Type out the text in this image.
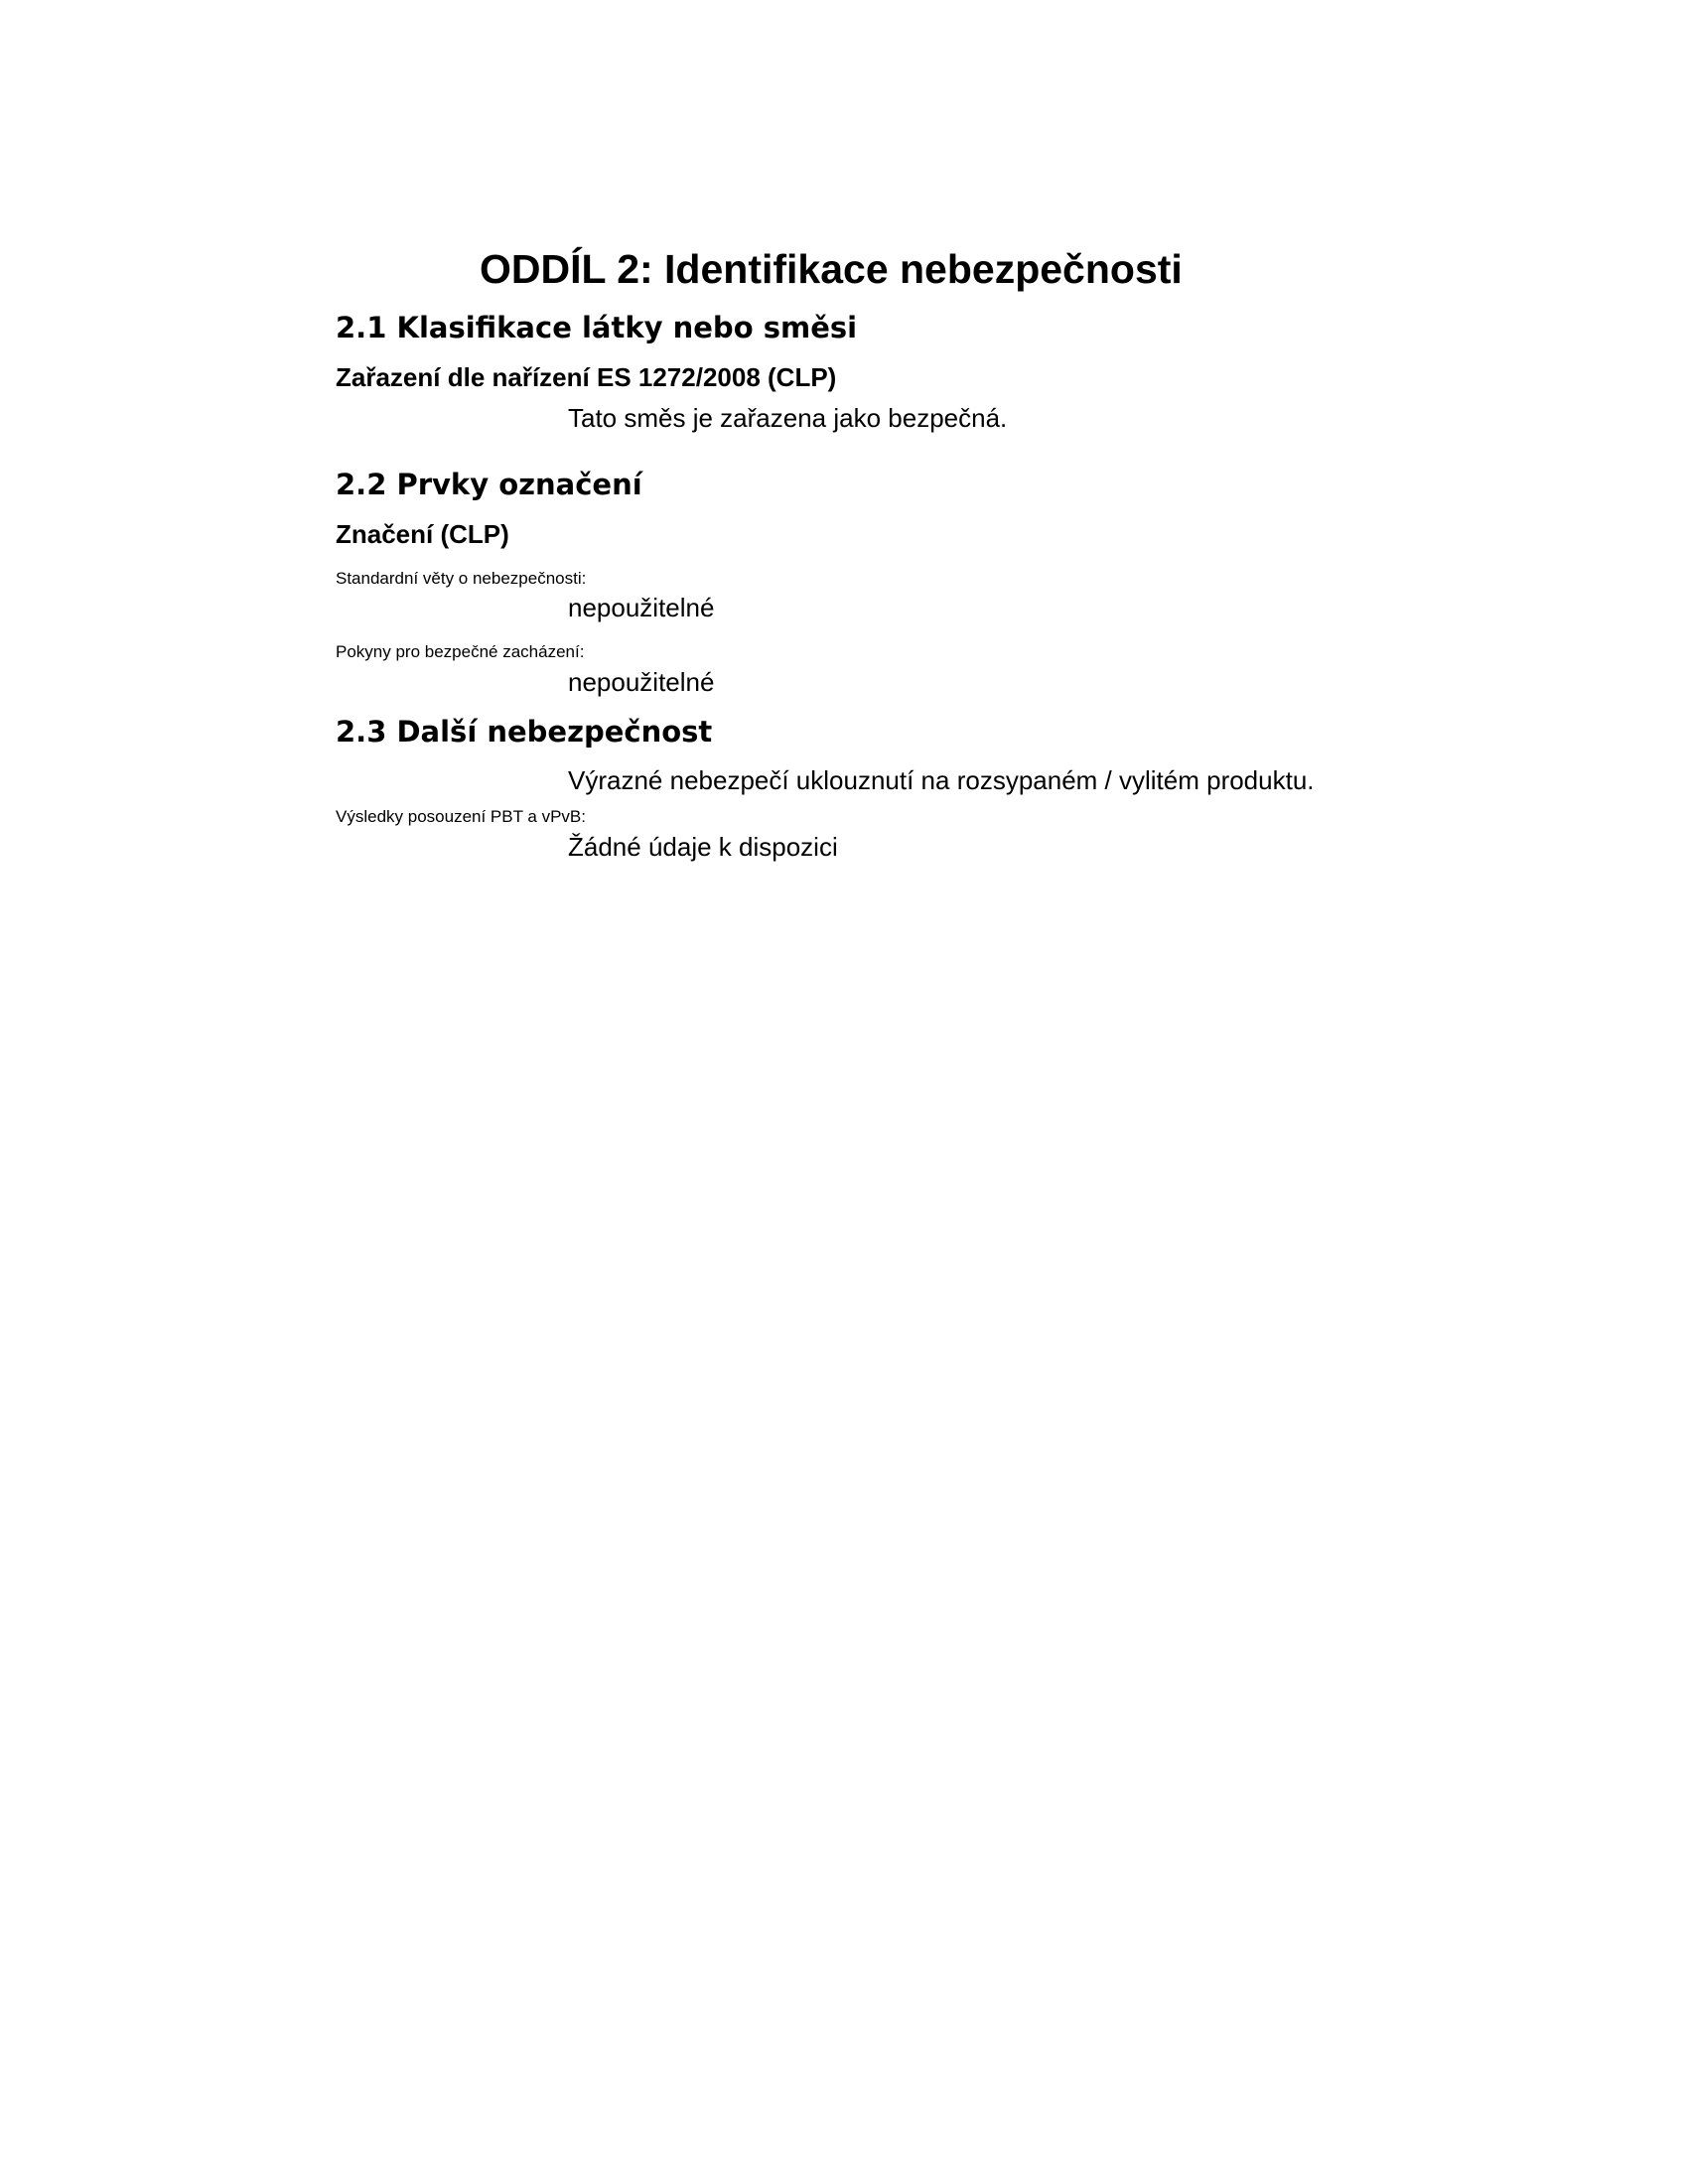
ODDÍL 2: Identifikace nebezpečnosti
2.1 Klasifikace látky nebo směsi
Zařazení dle nařízení ES 1272/2008 (CLP)

Tato směs je zařazena jako bezpečná.

2.2 Prvky označení
Značení (CLP)

Standardní věty o nebezpečnosti:

nepoužitelné

Pokyny pro bezpečné zacházení:

nepoužitelné

2.3 Další nebezpečnost

Výrazné nebezpečí uklouznutí na rozsypaném / vylitém produktu.

Výsledky posouzení PBT a vPvB:

Žádné údaje k dispozici
